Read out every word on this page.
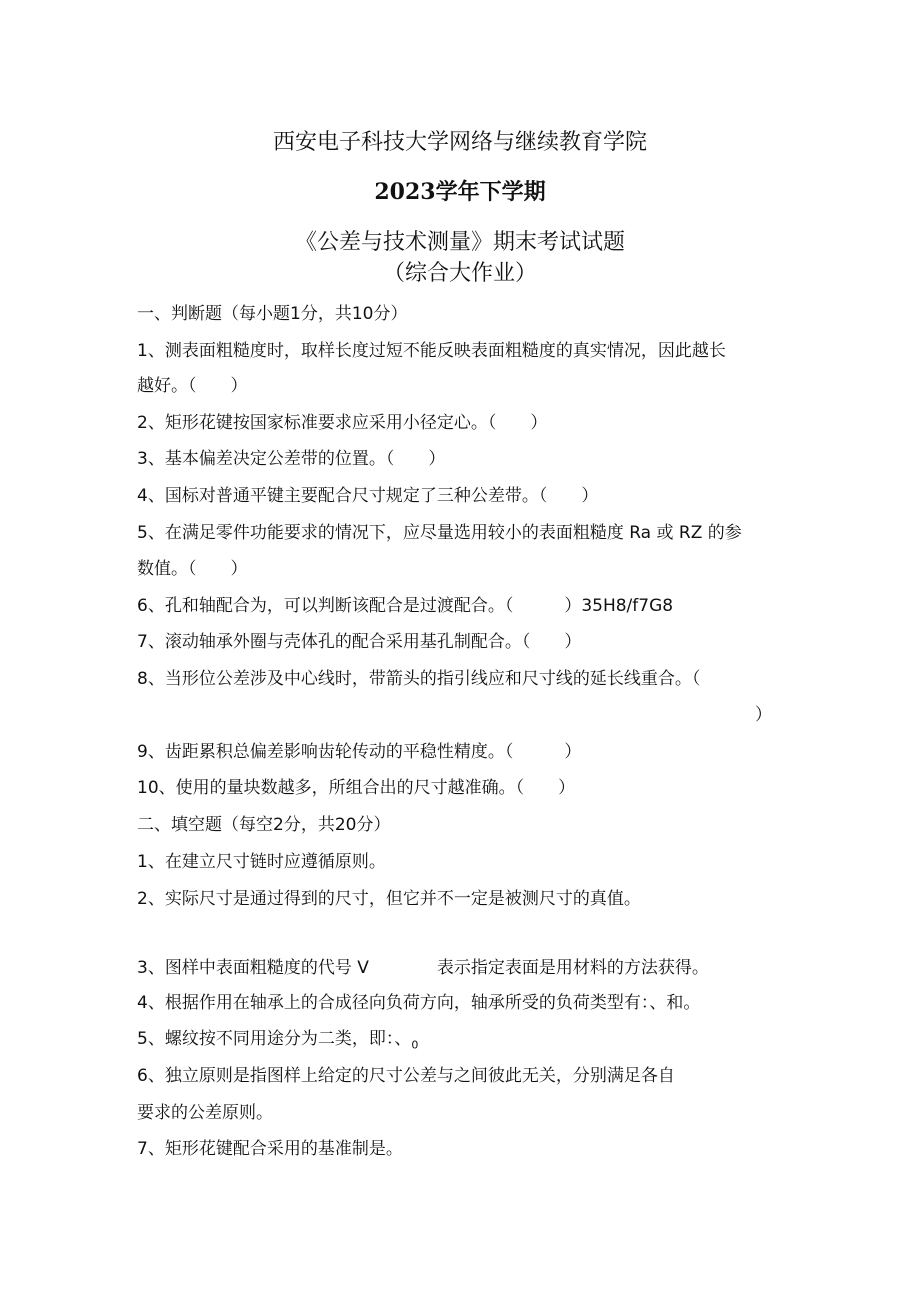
西安电子科技大学网络与继续教育学院
2023学年下学期
《公差与技术测量》期末考试试题
（综合大作业）
一、判断题（每小题1分，共10分）
1、测表面粗糙度时，取样长度过短不能反映表面粗糙度的真实情况，因此越长
越好。（　　）
2、矩形花键按国家标准要求应采用小径定心。（　　）
3、基本偏差决定公差带的位置。（　　）
4、国标对普通平键主要配合尺寸规定了三种公差带。（　　）
5、在满足零件功能要求的情况下，应尽量选用较小的表面粗糙度 Ra 或 RZ 的参
数值。（　　）
6、孔和轴配合为，可以判断该配合是过渡配合。（　　　）35H8/f7G8
7、滚动轴承外圈与壳体孔的配合采用基孔制配合。（　　）
8、当形位公差涉及中心线时，带箭头的指引线应和尺寸线的延长线重合。（
）
9、齿距累积总偏差影响齿轮传动的平稳性精度。（　　　）
10、使用的量块数越多，所组合出的尺寸越准确。（　　）
二、填空题（每空2分，共20分）
1、在建立尺寸链时应遵循原则。
2、实际尺寸是通过得到的尺寸，但它并不一定是被测尺寸的真值。
3、图样中表面粗糙度的代号 V	表示指定表面是用材料的方法获得。
4、根据作用在轴承上的合成径向负荷方向，轴承所受的负荷类型有：、和。
5、螺纹按不同用途分为二类，即：、$_0$
6、独立原则是指图样上给定的尺寸公差与之间彼此无关，分别满足各自
要求的公差原则。
7、矩形花键配合采用的基准制是。
